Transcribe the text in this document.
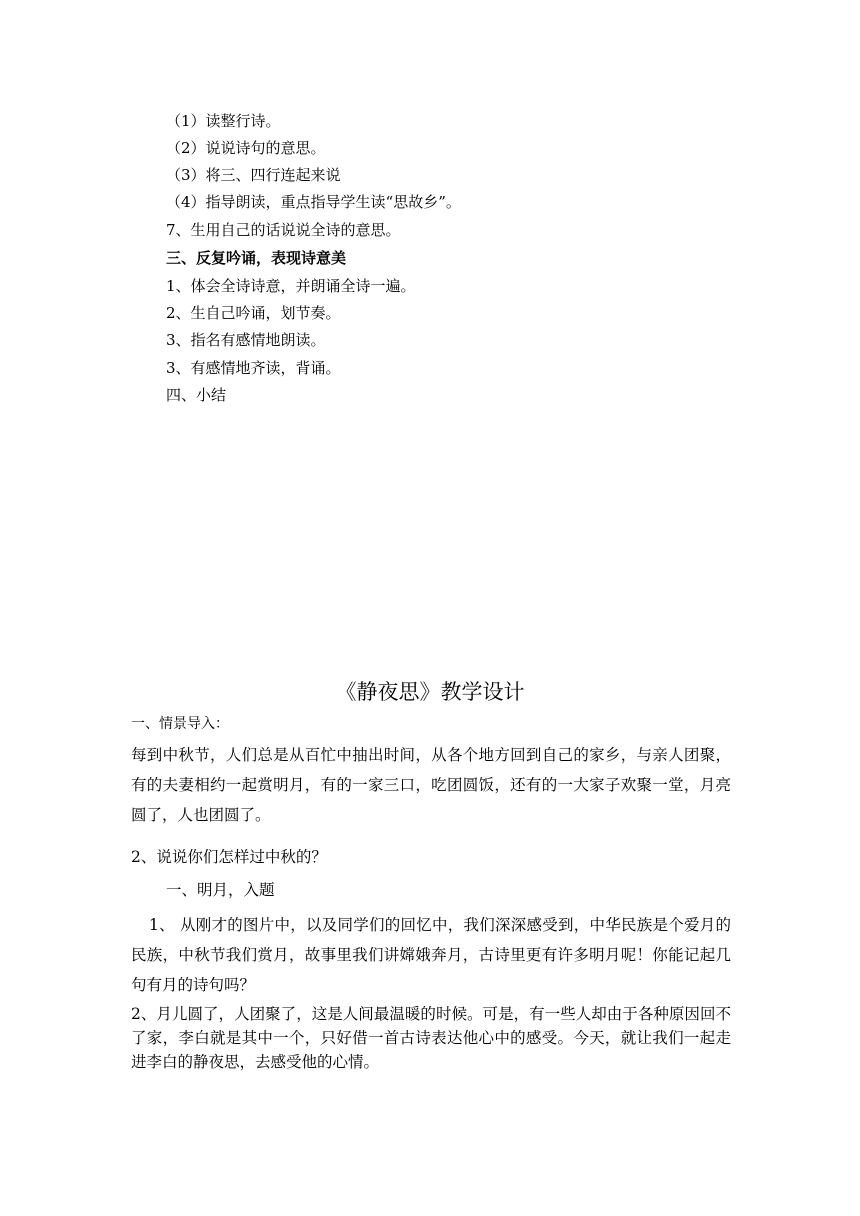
（1）读整行诗。
（2）说说诗句的意思。
（3）将三、四行连起来说
（4）指导朗读，重点指导学生读“思故乡”。
7、生用自己的话说说全诗的意思。
三、反复吟诵，表现诗意美
1、体会全诗诗意，并朗诵全诗一遍。
2、生自己吟诵，划节奏。
3、指名有感情地朗读。
3、有感情地齐读，背诵。
四、小结
《静夜思》教学设计
一、情景导入：
每到中秋节，人们总是从百忙中抽出时间，从各个地方回到自己的家乡，与亲人团聚，有的夫妻相约一起赏明月，有的一家三口，吃团圆饭，还有的一大家子欢聚一堂，月亮圆了，人也团圆了。
2、说说你们怎样过中秋的？
一、明月，入题
1、 从刚才的图片中，以及同学们的回忆中，我们深深感受到，中华民族是个爱月的民族，中秋节我们赏月，故事里我们讲嫦娥奔月，古诗里更有许多明月呢！你能记起几句有月的诗句吗？
2、月儿圆了，人团聚了，这是人间最温暖的时候。可是，有一些人却由于各种原因回不了家，李白就是其中一个，只好借一首古诗表达他心中的感受。今天，就让我们一起走进李白的静夜思，去感受他的心情。
